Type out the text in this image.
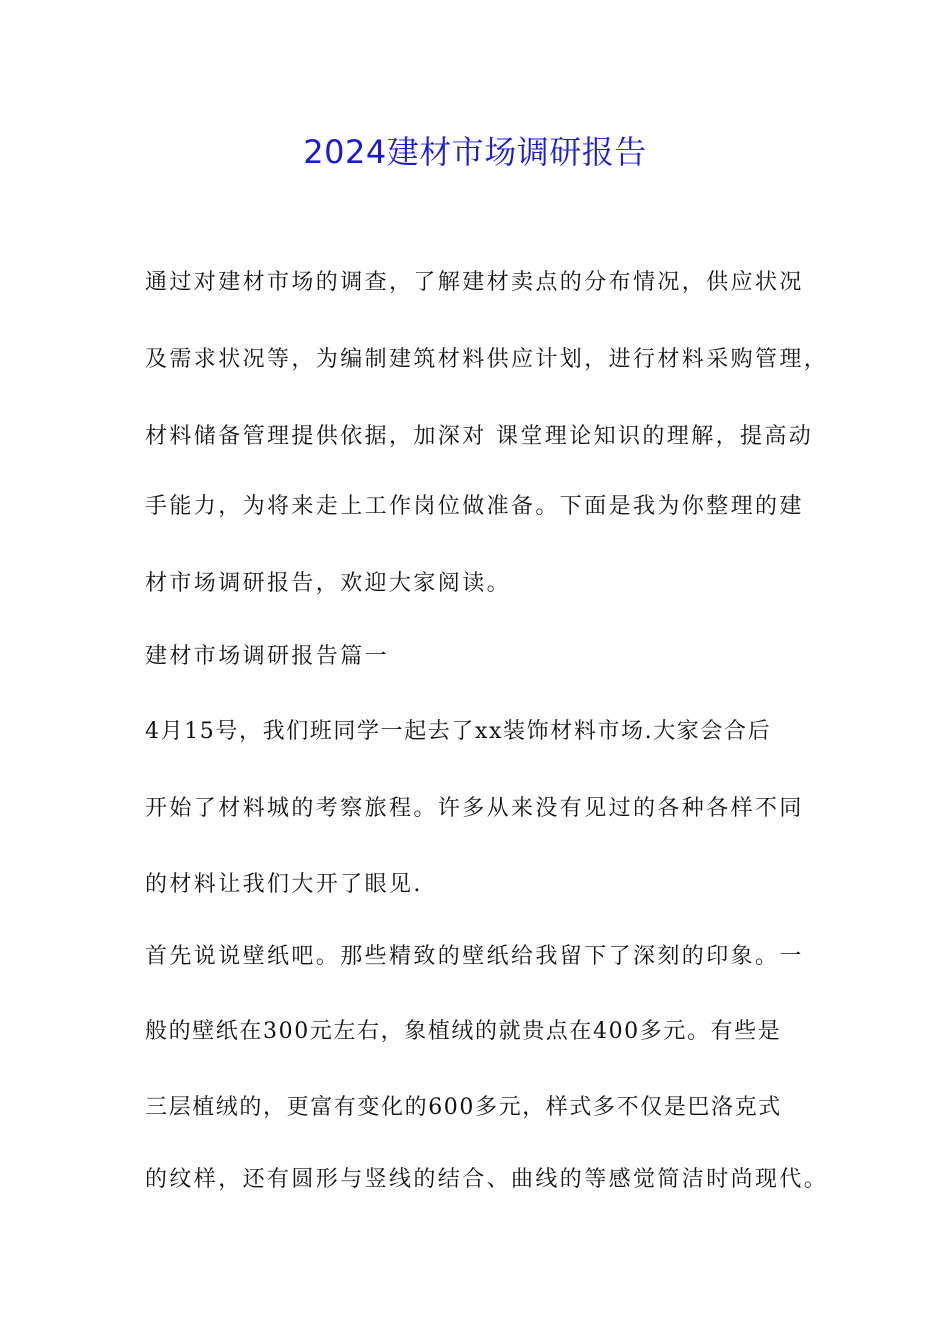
2024建材市场调研报告

通过对建材市场的调查，了解建材卖点的分布情况，供应状况

及需求状况等，为编制建筑材料供应计划，进行材料采购管理，

材料储备管理提供依据，加深对 课堂理论知识的理解，提高动

手能力，为将来走上工作岗位做准备。下面是我为你整理的建

材市场调研报告，欢迎大家阅读。

建材市场调研报告篇一

4月15号，我们班同学一起去了xx装饰材料市场.大家会合后

开始了材料城的考察旅程。许多从来没有见过的各种各样不同

的材料让我们大开了眼见.

首先说说壁纸吧。那些精致的壁纸给我留下了深刻的印象。一

般的壁纸在300元左右，象植绒的就贵点在400多元。有些是

三层植绒的，更富有变化的600多元，样式多不仅是巴洛克式

的纹样，还有圆形与竖线的结合、曲线的等感觉简洁时尚现代。
